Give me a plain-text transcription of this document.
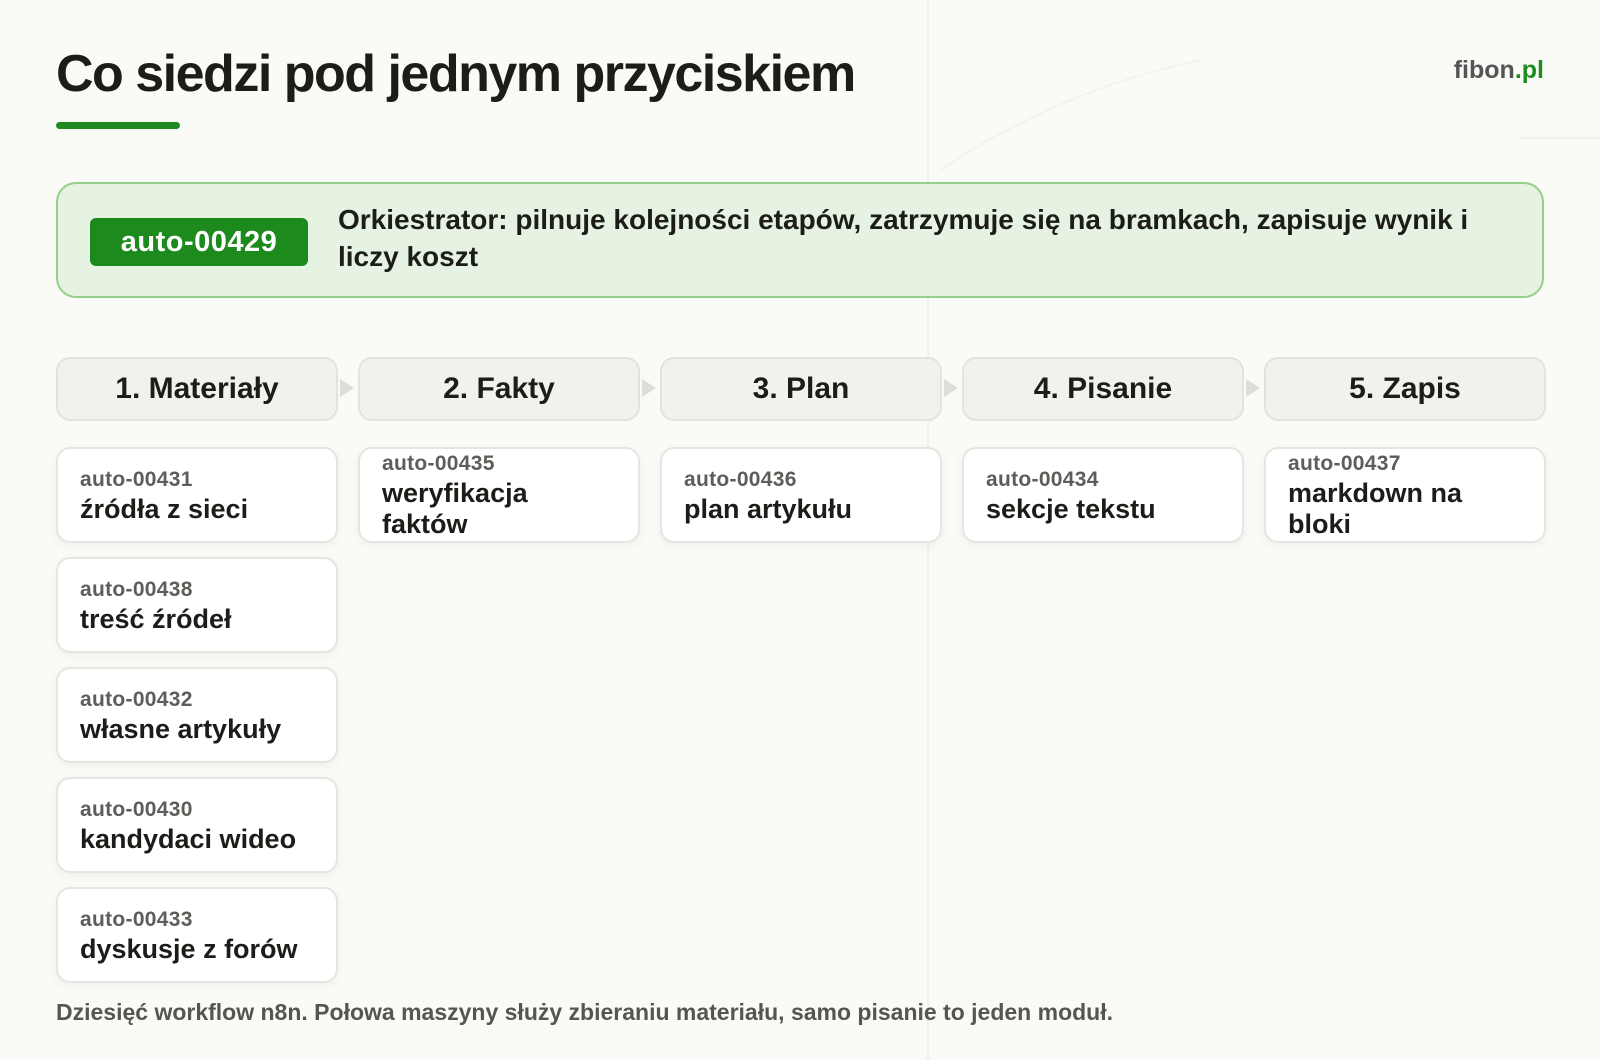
Co siedzi pod jednym przyciskiem	fibon.pl
auto-00429
Orkiestrator: pilnuje kolejności etapów, zatrzymuje się na bramkach, zapisuje wynik i liczy koszt
1. Materiały	2. Fakty	3. Plan	4. Pisanie	5. Zapis
auto-00431
źródła z sieci
auto-00438
treść źródeł
auto-00432
własne artykuły
auto-00430
kandydaci wideo
auto-00433
dyskusje z forów
auto-00435
weryfikacja faktów
auto-00436
plan artykułu
auto-00434
sekcje tekstu
auto-00437
markdown na bloki
Dziesięć workflow n8n. Połowa maszyny służy zbieraniu materiału, samo pisanie to jeden moduł.
